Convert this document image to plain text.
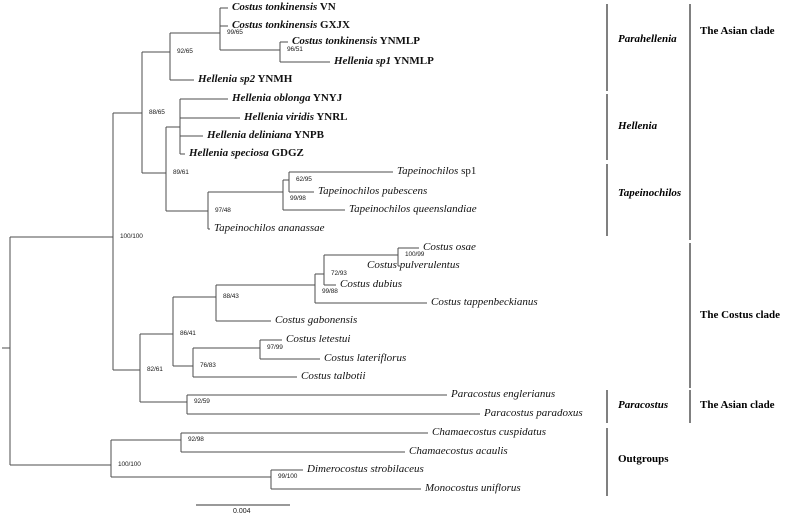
Costus tonkinensis VN
Costus tonkinensis GXJX
Costus tonkinensis YNMLP
Hellenia sp1 YNMLP
Hellenia sp2 YNMH
Hellenia oblonga YNYJ
Hellenia viridis YNRL
Hellenia deliniana YNPB
Hellenia speciosa GDGZ
Tapeinochilos sp1
Tapeinochilos pubescens
Tapeinochilos queenslandiae
Tapeinochilos ananassae
Costus osae
Costus pulverulentus
Costus dubius
Costus tappenbeckianus
Costus gabonensis
Costus letestui
Costus lateriflorus
Costus talbotii
Paracostus englerianus
Paracostus paradoxus
Chamaecostus cuspidatus
Chamaecostus acaulis
Dimerocostus strobilaceus
Monocostus uniflorus
99/65
96/51
92/65
88/65
89/61
62/95
99/98
97/48
100/100
100/99
72/93
99/88
88/43
86/41
97/99
76/83
82/61
92/59
92/98
100/100
99/100
Parahellenia
Hellenia
Tapeinochilos
Paracostus
Outgroups
The Asian clade
The Costus clade
The Asian clade
0.004
